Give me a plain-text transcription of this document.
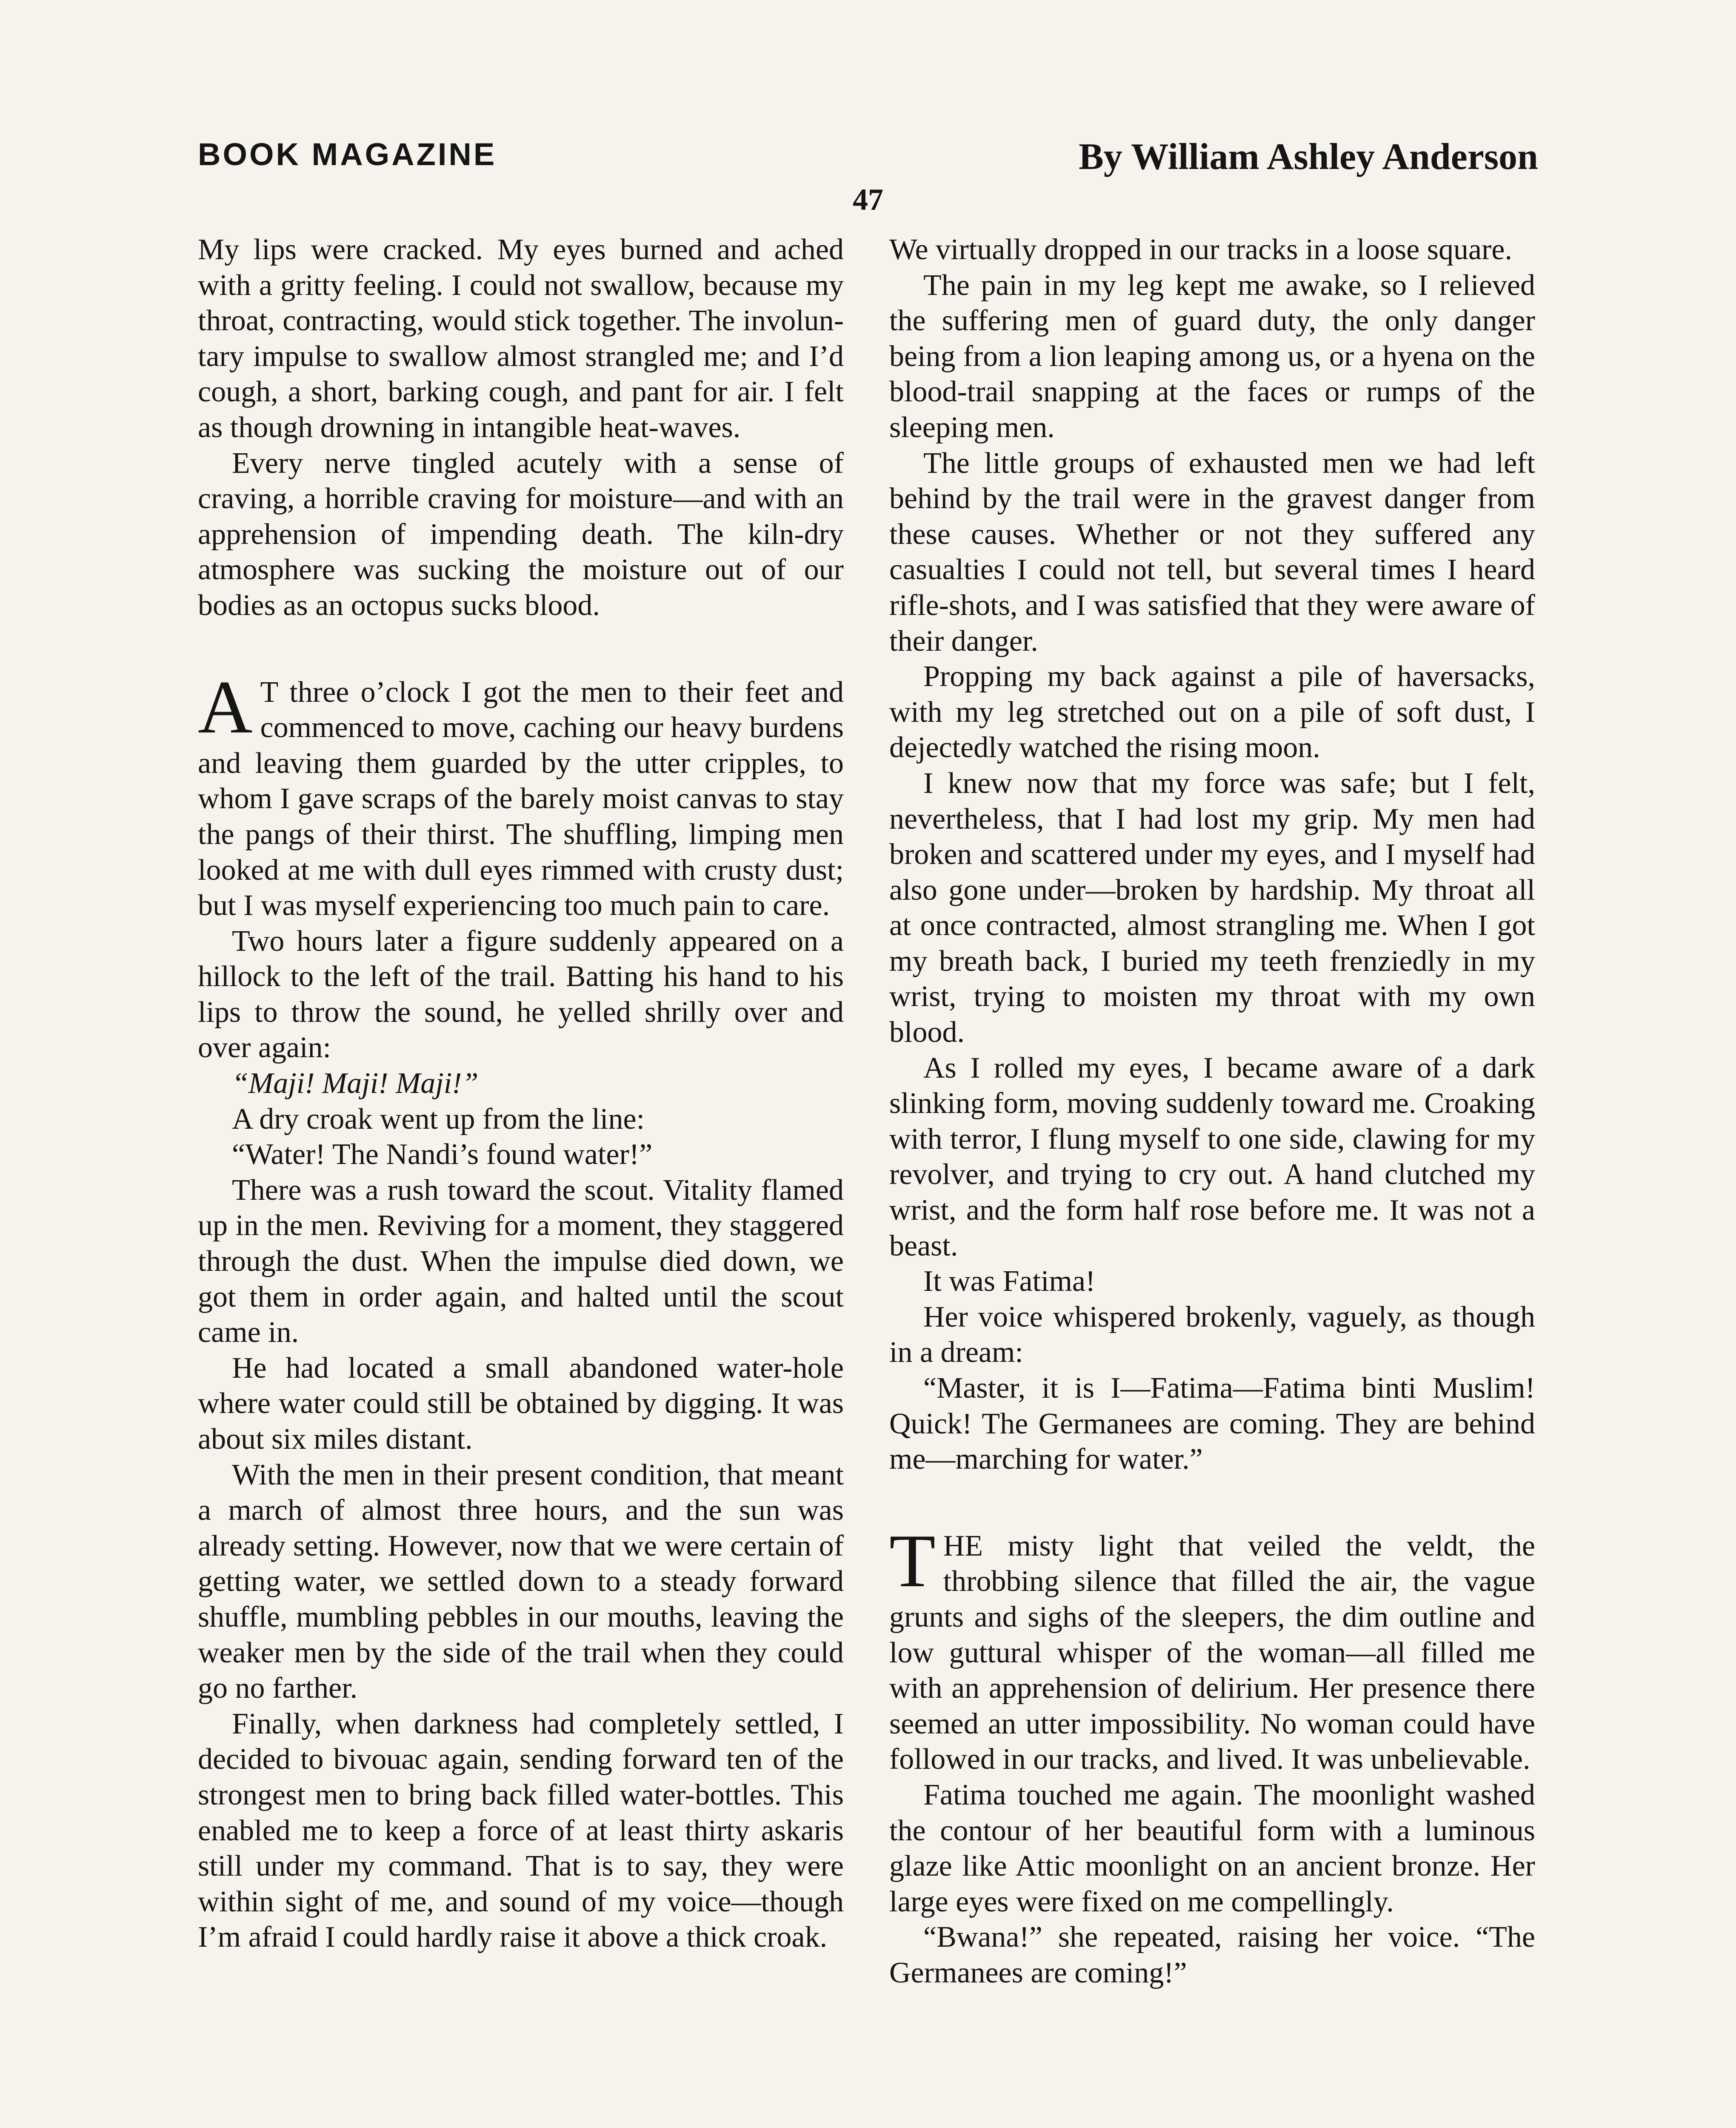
BOOK MAGAZINE	By William Ashley Anderson
47

My lips were cracked. My eyes burned and ached with a gritty feeling. I could not swallow, because my throat, contracting, would stick together. The involuntary impulse to swallow almost strangled me; and I’d cough, a short, barking cough, and pant for air. I felt as though drowning in intangible heat-waves.

Every nerve tingled acutely with a sense of craving, a horrible craving for moisture—and with an apprehension of impending death. The kiln-dry atmosphere was sucking the moisture out of our bodies as an octopus sucks blood.

A T three o’clock I got the men to their feet and commenced to move, caching our heavy burdens and leaving them guarded by the utter cripples, to whom I gave scraps of the barely moist canvas to stay the pangs of their thirst. The shuffling, limping men looked at me with dull eyes rimmed with crusty dust; but I was myself experiencing too much pain to care.

Two hours later a figure suddenly appeared on a hillock to the left of the trail. Batting his hand to his lips to throw the sound, he yelled shrilly over and over again:

“Maji! Maji! Maji!”

A dry croak went up from the line:

“Water! The Nandi’s found water!”

There was a rush toward the scout. Vitality flamed up in the men. Reviving for a moment, they staggered through the dust. When the impulse died down, we got them in order again, and halted until the scout came in.

He had located a small abandoned water-hole where water could still be obtained by digging. It was about six miles distant.

With the men in their present condition, that meant a march of almost three hours, and the sun was already setting. However, now that we were certain of getting water, we settled down to a steady forward shuffle, mumbling pebbles in our mouths, leaving the weaker men by the side of the trail when they could go no farther.

Finally, when darkness had completely settled, I decided to bivouac again, sending forward ten of the strongest men to bring back filled water-bottles. This enabled me to keep a force of at least thirty askaris still under my command. That is to say, they were within sight of me, and sound of my voice—though I’m afraid I could hardly raise it above a thick croak.

We virtually dropped in our tracks in a loose square.

The pain in my leg kept me awake, so I relieved the suffering men of guard duty, the only danger being from a lion leaping among us, or a hyena on the blood-trail snapping at the faces or rumps of the sleeping men.

The little groups of exhausted men we had left behind by the trail were in the gravest danger from these causes. Whether or not they suffered any casualties I could not tell, but several times I heard rifle-shots, and I was satisfied that they were aware of their danger.

Propping my back against a pile of haversacks, with my leg stretched out on a pile of soft dust, I dejectedly watched the rising moon.

I knew now that my force was safe; but I felt, nevertheless, that I had lost my grip. My men had broken and scattered under my eyes, and I myself had also gone under—broken by hardship. My throat all at once contracted, almost strangling me. When I got my breath back, I buried my teeth frenziedly in my wrist, trying to moisten my throat with my own blood.

As I rolled my eyes, I became aware of a dark slinking form, moving suddenly toward me. Croaking with terror, I flung myself to one side, clawing for my revolver, and trying to cry out. A hand clutched my wrist, and the form half rose before me. It was not a beast.

It was Fatima!

Her voice whispered brokenly, vaguely, as though in a dream:

“Master, it is I—Fatima—Fatima binti Muslim! Quick! The Germanees are coming. They are behind me—marching for water.”

THE misty light that veiled the veldt, the throbbing silence that filled the air, the vague grunts and sighs of the sleepers, the dim outline and low guttural whisper of the woman—all filled me with an apprehension of delirium. Her presence there seemed an utter impossibility. No woman could have followed in our tracks, and lived. It was unbelievable.

Fatima touched me again. The moonlight washed the contour of her beautiful form with a luminous glaze like Attic moonlight on an ancient bronze. Her large eyes were fixed on me compellingly.

“Bwana!” she repeated, raising her voice. “The Germanees are coming!”
